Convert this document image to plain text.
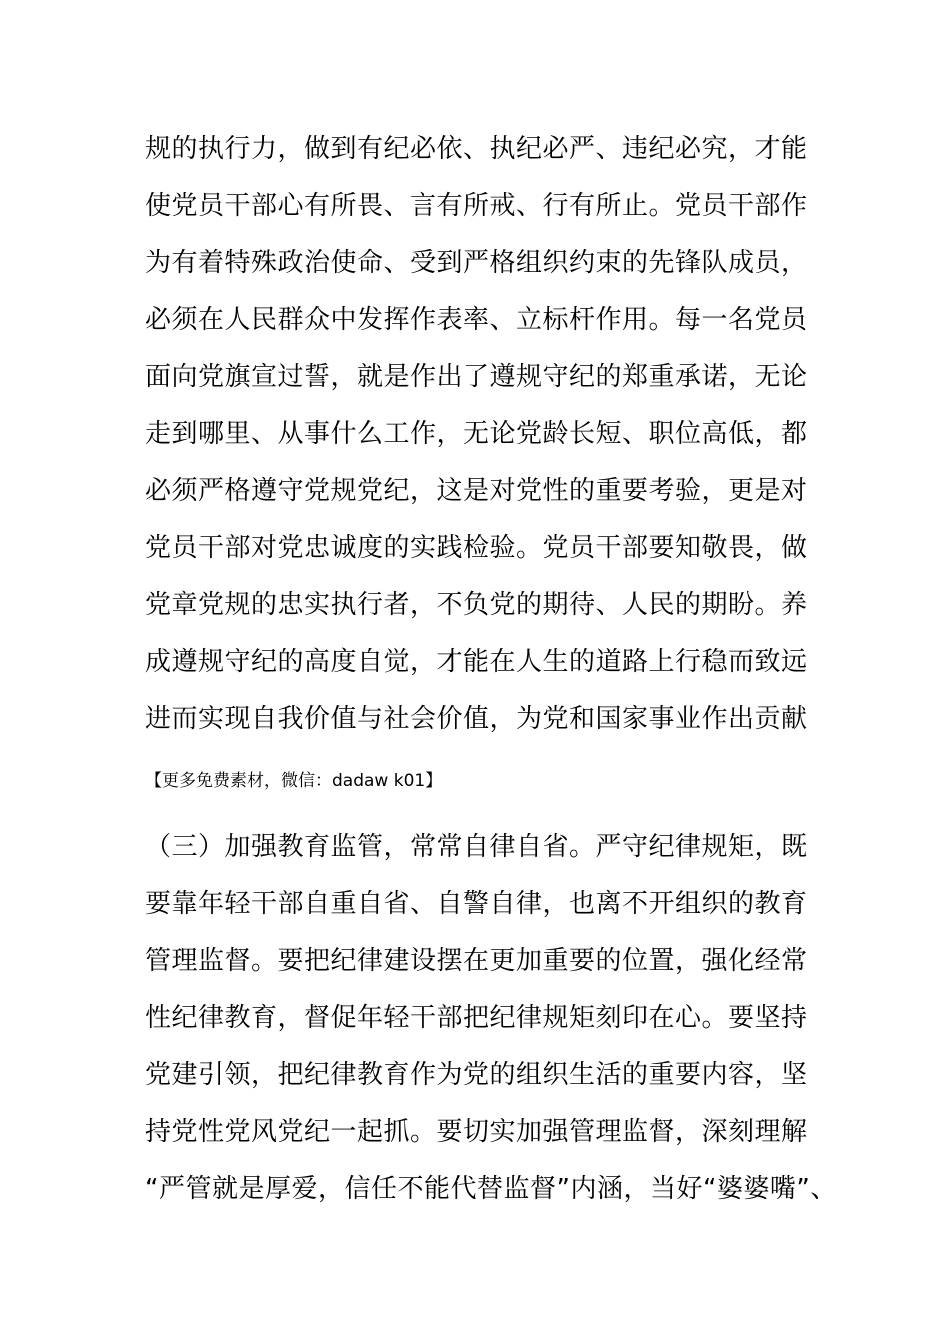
规的执行力，做到有纪必依、执纪必严、违纪必究，才能
使党员干部心有所畏、言有所戒、行有所止。党员干部作
为有着特殊政治使命、受到严格组织约束的先锋队成员，
必须在人民群众中发挥作表率、立标杆作用。每一名党员
面向党旗宣过誓，就是作出了遵规守纪的郑重承诺，无论
走到哪里、从事什么工作，无论党龄长短、职位高低，都
必须严格遵守党规党纪，这是对党性的重要考验，更是对
党员干部对党忠诚度的实践检验。党员干部要知敬畏，做
党章党规的忠实执行者，不负党的期待、人民的期盼。养
成遵规守纪的高度自觉，才能在人生的道路上行稳而致远
进而实现自我价值与社会价值，为党和国家事业作出贡献
【更多免费素材，微信：dadaw k01】
（三）加强教育监管，常常自律自省。严守纪律规矩，既
要靠年轻干部自重自省、自警自律，也离不开组织的教育
管理监督。要把纪律建设摆在更加重要的位置，强化经常
性纪律教育，督促年轻干部把纪律规矩刻印在心。要坚持
党建引领，把纪律教育作为党的组织生活的重要内容，坚
持党性党风党纪一起抓。要切实加强管理监督，深刻理解
“严管就是厚爱，信任不能代替监督”内涵，当好“婆婆嘴”、
